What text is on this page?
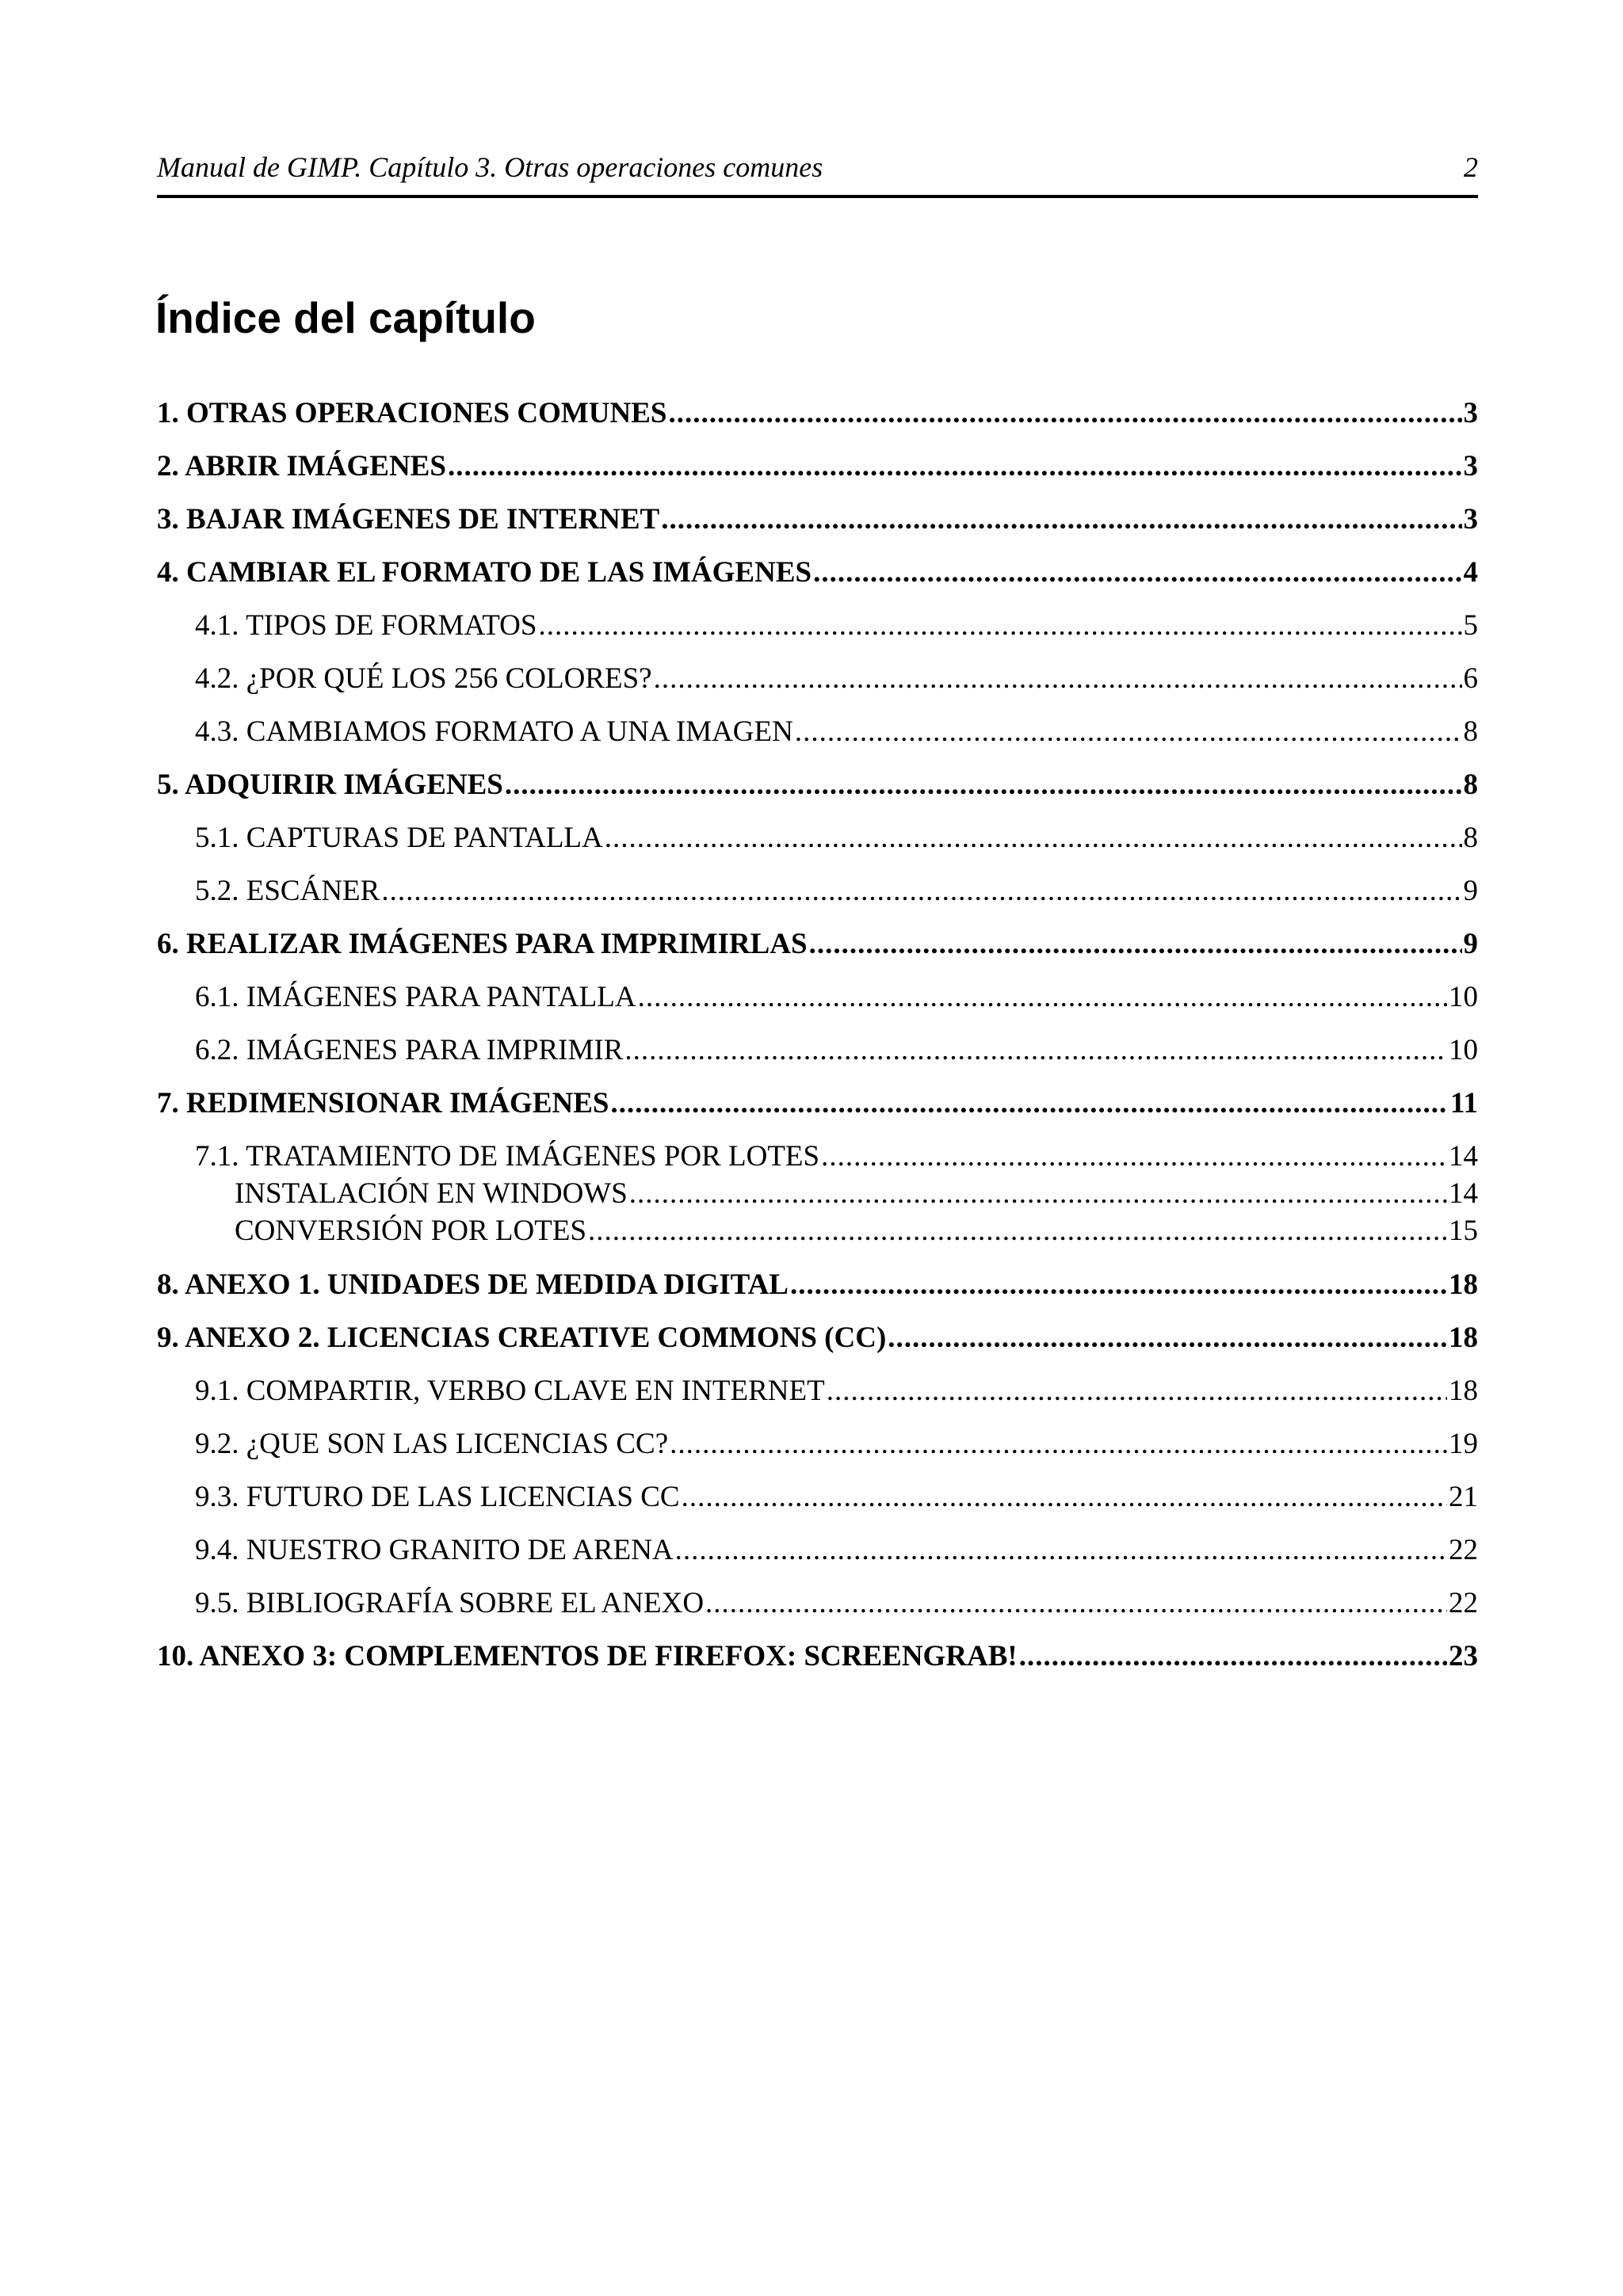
Manual de GIMP. Capítulo 3. Otras operaciones comunes	2
Índice del capítulo
1. OTRAS OPERACIONES COMUNES .....	3
2. ABRIR IMÁGENES .....	3
3. BAJAR IMÁGENES DE INTERNET .....	3
4. CAMBIAR EL FORMATO DE LAS IMÁGENES .....	4
4.1. TIPOS DE FORMATOS .....	5
4.2. ¿POR QUÉ LOS 256 COLORES? .....	6
4.3. CAMBIAMOS FORMATO A UNA IMAGEN .....	8
5. ADQUIRIR IMÁGENES .....	8
5.1. CAPTURAS DE PANTALLA .....	8
5.2. ESCÁNER .....	9
6. REALIZAR IMÁGENES PARA IMPRIMIRLAS .....	9
6.1. IMÁGENES PARA PANTALLA .....	10
6.2. IMÁGENES PARA IMPRIMIR .....	10
7. REDIMENSIONAR IMÁGENES .....	11
7.1. TRATAMIENTO DE IMÁGENES POR LOTES .....	14
INSTALACIÓN EN WINDOWS .....	14
CONVERSIÓN POR LOTES .....	15
8. ANEXO 1. UNIDADES DE MEDIDA DIGITAL .....	18
9. ANEXO 2. LICENCIAS CREATIVE COMMONS (CC) .....	18
9.1. COMPARTIR, VERBO CLAVE EN INTERNET .....	18
9.2. ¿QUE SON LAS LICENCIAS CC? .....	19
9.3. FUTURO DE LAS LICENCIAS CC .....	21
9.4. NUESTRO GRANITO DE ARENA .....	22
9.5. BIBLIOGRAFÍA SOBRE EL ANEXO .....	22
10. ANEXO 3: COMPLEMENTOS DE FIREFOX: SCREENGRAB! .....	23
